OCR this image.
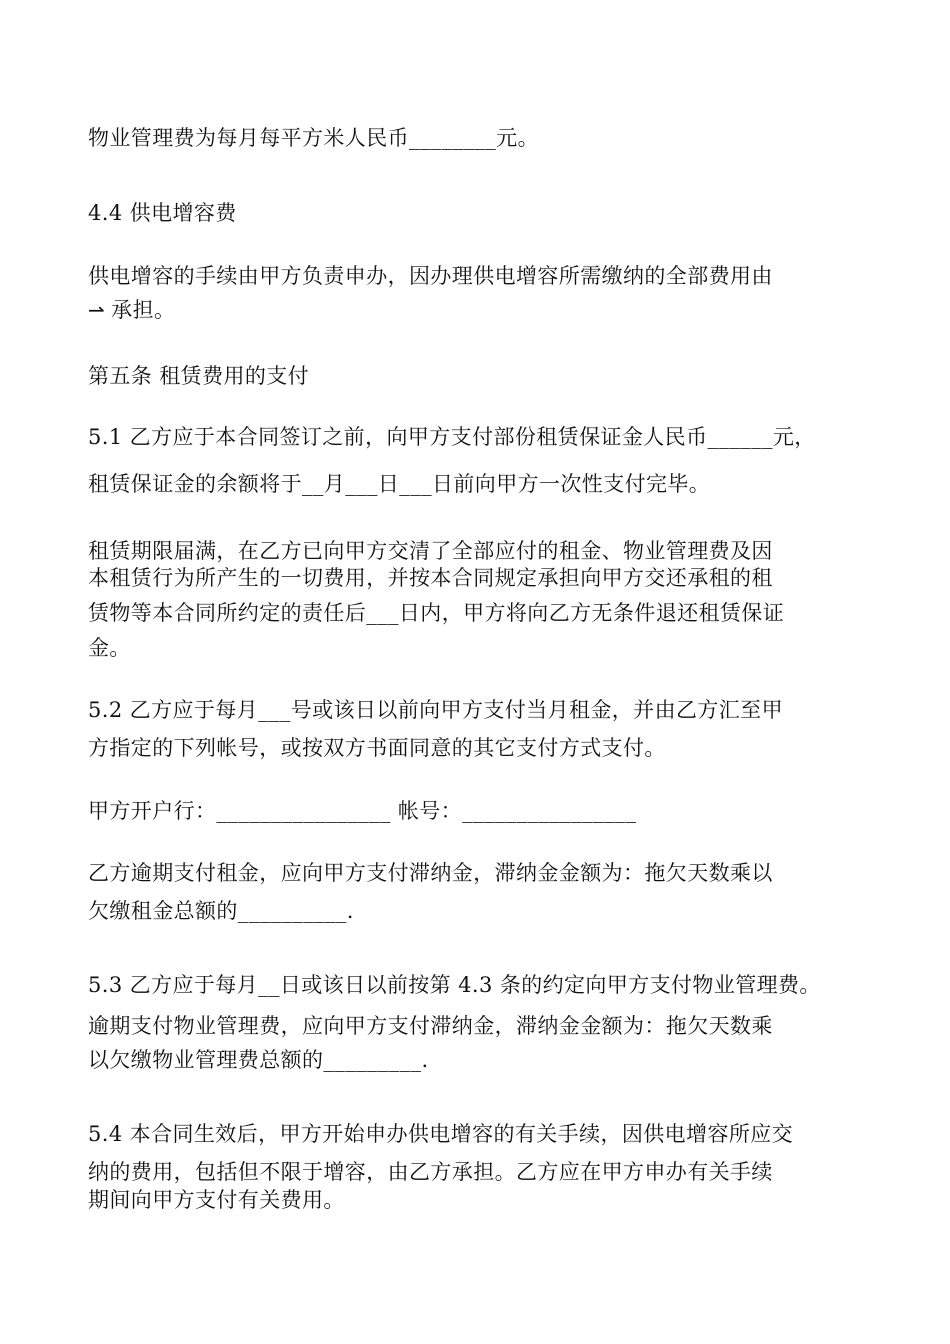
物业管理费为每月每平方米人民币________元。
4.4 供电增容费
供电增容的手续由甲方负责申办，因办理供电增容所需缴纳的全部费用由
⇀ 承担。
第五条 租赁费用的支付
5.1 乙方应于本合同签订之前，向甲方支付部份租赁保证金人民币______元，
租赁保证金的余额将于__月___日___日前向甲方一次性支付完毕。
租赁期限届满，在乙方已向甲方交清了全部应付的租金、物业管理费及因
本租赁行为所产生的一切费用，并按本合同规定承担向甲方交还承租的租
赁物等本合同所约定的责任后___日内，甲方将向乙方无条件退还租赁保证
金。
5.2 乙方应于每月___号或该日以前向甲方支付当月租金，并由乙方汇至甲
方指定的下列帐号，或按双方书面同意的其它支付方式支付。
甲方开户行：________________ 帐号：________________
乙方逾期支付租金，应向甲方支付滞纳金，滞纳金金额为：拖欠天数乘以
欠缴租金总额的__________.
5.3 乙方应于每月__日或该日以前按第 4.3 条的约定向甲方支付物业管理费。
逾期支付物业管理费，应向甲方支付滞纳金，滞纳金金额为：拖欠天数乘
以欠缴物业管理费总额的_________.
5.4 本合同生效后，甲方开始申办供电增容的有关手续，因供电增容所应交
纳的费用，包括但不限于增容，由乙方承担。乙方应在甲方申办有关手续
期间向甲方支付有关费用。
